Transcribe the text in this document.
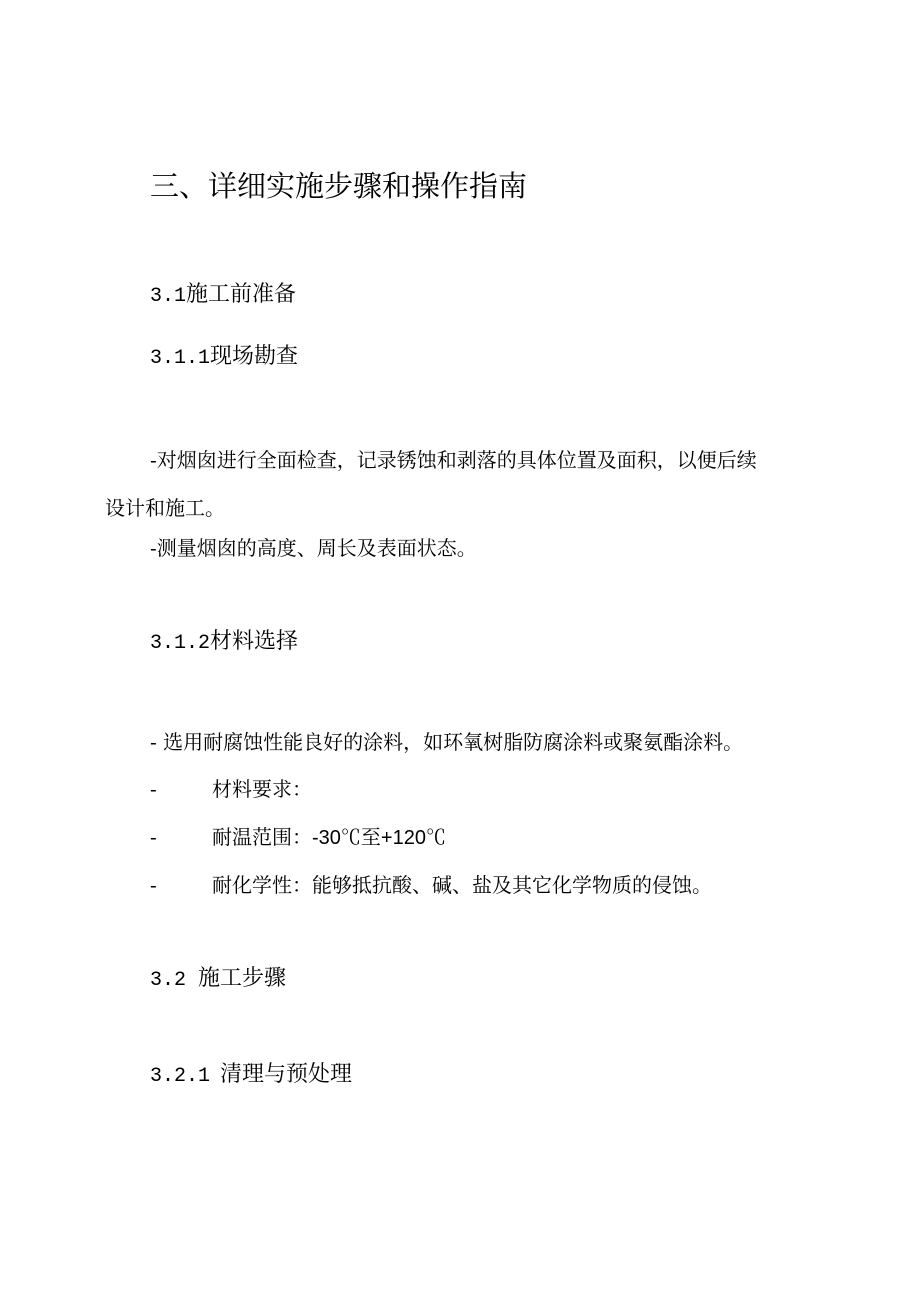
三、详细实施步骤和操作指南
3.1施工前准备
3.1.1现场勘查
-对烟囱进行全面检查，记录锈蚀和剥落的具体位置及面积，以便后续
设计和施工。
-测量烟囱的高度、周长及表面状态。
3.1.2材料选择
- 选用耐腐蚀性能良好的涂料，如环氧树脂防腐涂料或聚氨酯涂料。
-	材料要求：
-	耐温范围：-30℃至+120℃
-	耐化学性：能够抵抗酸、碱、盐及其它化学物质的侵蚀。
3.2 施工步骤
3.2.1 清理与预处理
